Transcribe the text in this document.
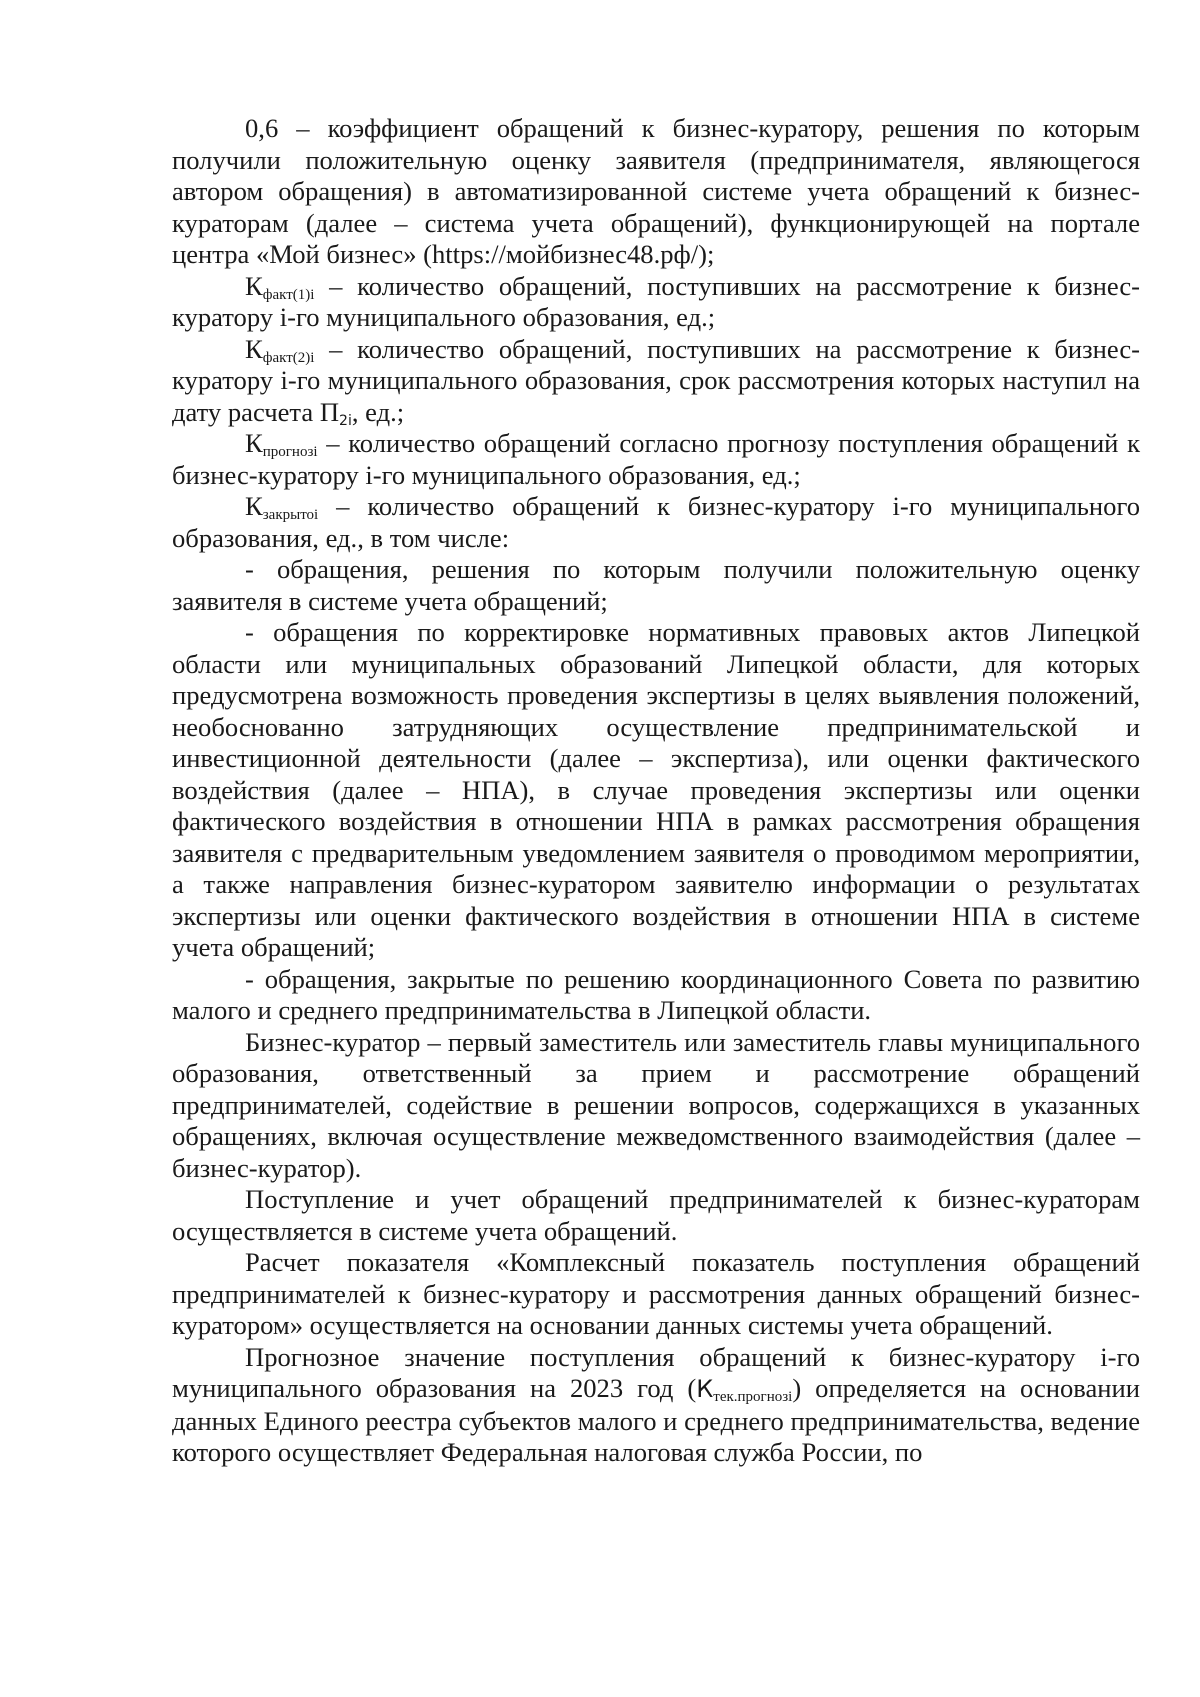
0,6 – коэффициент обращений к бизнес-куратору, решения по которым получили положительную оценку заявителя (предпринимателя, являющегося автором обращения) в автоматизированной системе учета обращений к бизнес-кураторам (далее – система учета обращений), функционирующей на портале центра «Мой бизнес» (https://мойбизнес48.рф/);

$К_{факт(1)i}$ – количество обращений, поступивших на рассмотрение к бизнес-куратору i-го муниципального образования, ед.;

$К_{факт(2)i}$ – количество обращений, поступивших на рассмотрение к бизнес-куратору i-го муниципального образования, срок рассмотрения которых наступил на дату расчета П2i, ед.;

$К_{прогнозi}$ – количество обращений согласно прогнозу поступления обращений к бизнес-куратору i-го муниципального образования, ед.;

$К_{закрытоi}$ – количество обращений к бизнес-куратору i-го муниципального образования, ед., в том числе:

- обращения, решения по которым получили положительную оценку заявителя в системе учета обращений;

- обращения по корректировке нормативных правовых актов Липецкой области или муниципальных образований Липецкой области, для которых предусмотрена возможность проведения экспертизы в целях выявления положений, необоснованно затрудняющих осуществление предпринимательской и инвестиционной деятельности (далее – экспертиза), или оценки фактического воздействия (далее – НПА), в случае проведения экспертизы или оценки фактического воздействия в отношении НПА в рамках рассмотрения обращения заявителя с предварительным уведомлением заявителя о проводимом мероприятии, а также направления бизнес-куратором заявителю информации о результатах экспертизы или оценки фактического воздействия в отношении НПА в системе учета обращений;

- обращения, закрытые по решению координационного Совета по развитию малого и среднего предпринимательства в Липецкой области.

Бизнес-куратор – первый заместитель или заместитель главы муниципального образования, ответственный за прием и рассмотрение обращений предпринимателей, содействие в решении вопросов, содержащихся в указанных обращениях, включая осуществление межведомственного взаимодействия (далее – бизнес-куратор).

Поступление и учет обращений предпринимателей к бизнес-кураторам осуществляется в системе учета обращений.

Расчет показателя «Комплексный показатель поступления обращений предпринимателей к бизнес-куратору и рассмотрения данных обращений бизнес-куратором» осуществляется на основании данных системы учета обращений.

Прогнозное значение поступления обращений к бизнес-куратору i-го муниципального образования на 2023 год $(К_{тек.прогнозi})$ определяется на основании данных Единого реестра субъектов малого и среднего предпринимательства, ведение которого осуществляет Федеральная налоговая служба России, по
